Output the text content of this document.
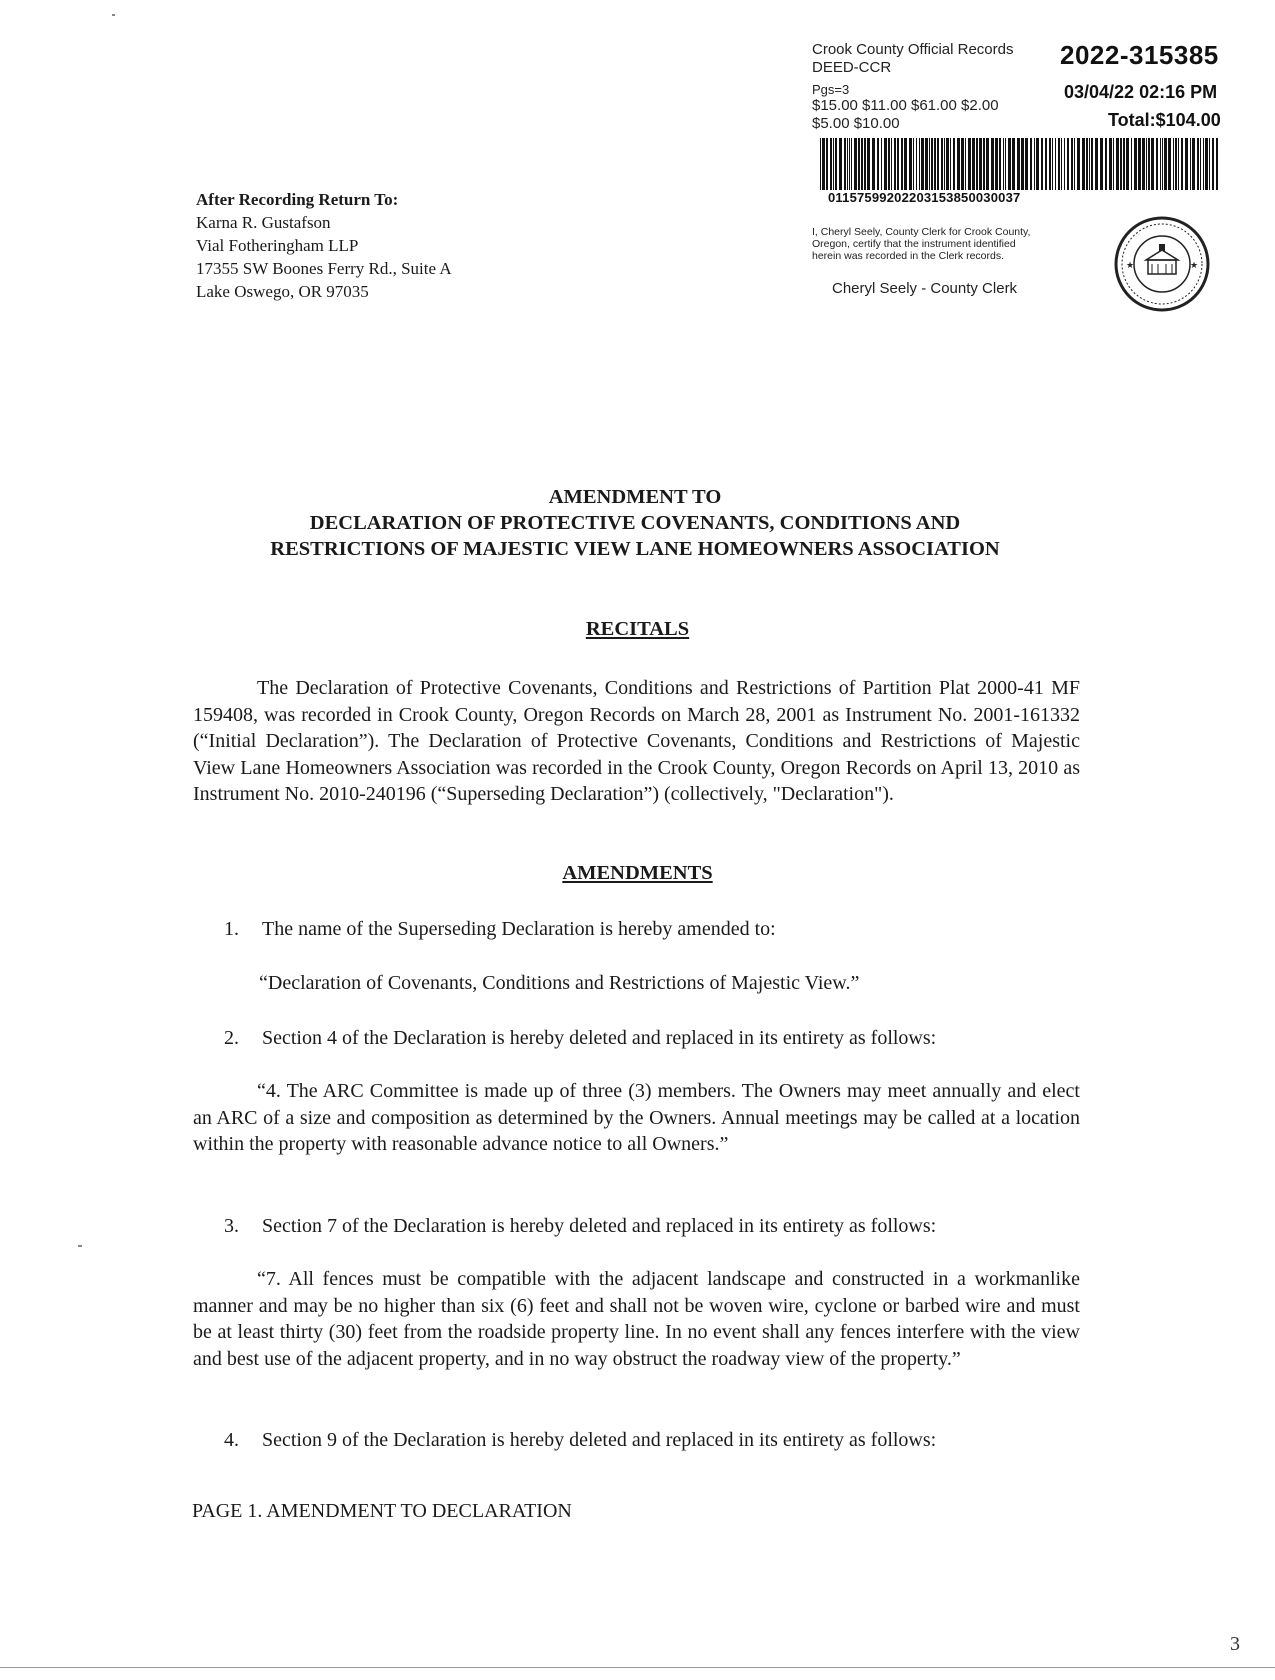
Crook County Official Records
DEED-CCR
Pgs=3
$15.00 $11.00 $61.00 $2.00
$5.00 $10.00
2022-315385
03/04/22 02:16 PM
Total:$104.00
01157599202203153850030037
I, Cheryl Seely, County Clerk for Crook County,
Oregon, certify that the instrument identified
herein was recorded in the Clerk records.
Cheryl Seely - County Clerk
★	★
After Recording Return To:
Karna R. Gustafson
Vial Fotheringham LLP
17355 SW Boones Ferry Rd., Suite A
Lake Oswego, OR 97035
AMENDMENT TO
DECLARATION OF PROTECTIVE COVENANTS, CONDITIONS AND
RESTRICTIONS OF MAJESTIC VIEW LANE HOMEOWNERS ASSOCIATION
RECITALS
The Declaration of Protective Covenants, Conditions and Restrictions of Partition Plat 2000-41 MF 159408, was recorded in Crook County, Oregon Records on March 28, 2001 as Instrument No. 2001-161332 (“Initial Declaration”). The Declaration of Protective Covenants, Conditions and Restrictions of Majestic View Lane Homeowners Association was recorded in the Crook County, Oregon Records on April 13, 2010 as Instrument No. 2010-240196 (“Superseding Declaration”) (collectively, "Declaration").
AMENDMENTS
1. The name of the Superseding Declaration is hereby amended to:
“Declaration of Covenants, Conditions and Restrictions of Majestic View.”
2. Section 4 of the Declaration is hereby deleted and replaced in its entirety as follows:
“4. The ARC Committee is made up of three (3) members. The Owners may meet annually and elect an ARC of a size and composition as determined by the Owners. Annual meetings may be called at a location within the property with reasonable advance notice to all Owners.”
3. Section 7 of the Declaration is hereby deleted and replaced in its entirety as follows:
“7. All fences must be compatible with the adjacent landscape and constructed in a workmanlike manner and may be no higher than six (6) feet and shall not be woven wire, cyclone or barbed wire and must be at least thirty (30) feet from the roadside property line. In no event shall any fences interfere with the view and best use of the adjacent property, and in no way obstruct the roadway view of the property.”
4. Section 9 of the Declaration is hereby deleted and replaced in its entirety as follows:
PAGE 1. AMENDMENT TO DECLARATION
3
